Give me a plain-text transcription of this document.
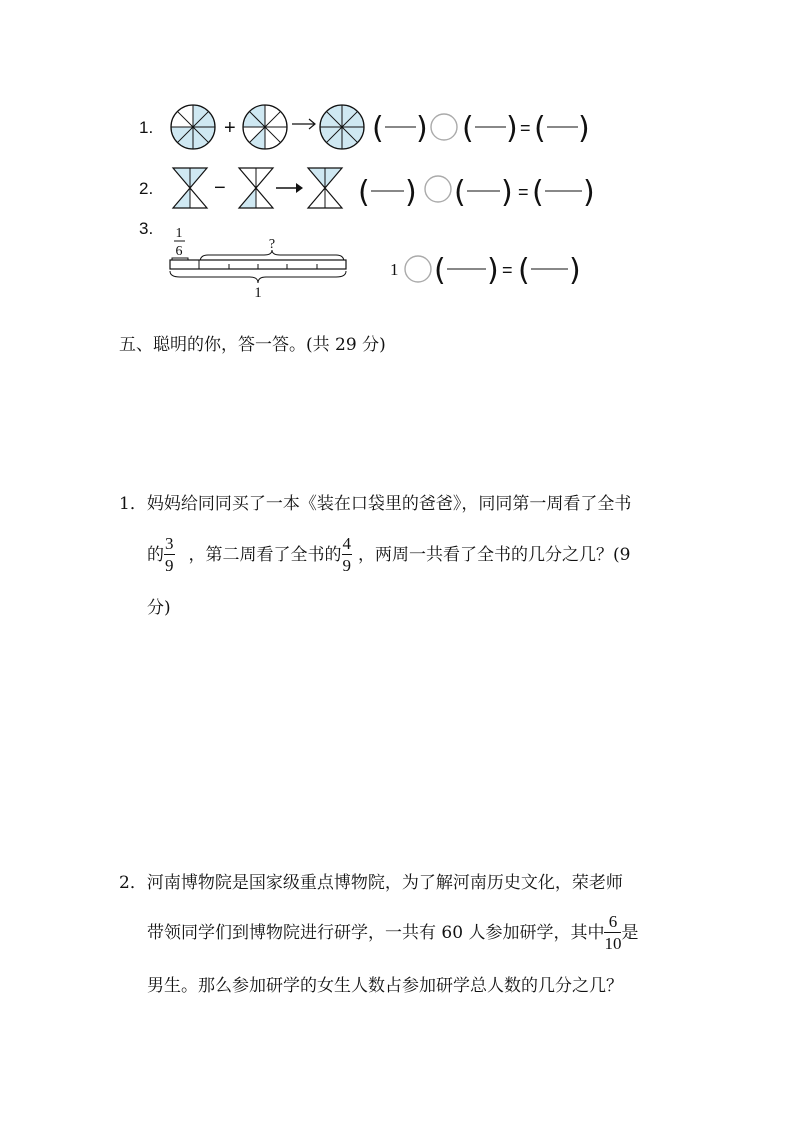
1.	+	( ) ( ) = ( )
2.	−	( ) ( ) = ( )
3. 1
6	?
1
1 ( ) = ( )
五、聪明的你，答一答。(共 29 分)
1．妈妈给同同买了一本《装在口袋里的爸爸》，同同第一周看了全书
的 $\frac{3}{9}$ ，第二周看了全书的 $\frac{4}{9}$ ，两周一共看了全书的几分之几？(9
分)
2．河南博物院是国家级重点博物院，为了解河南历史文化，荣老师
带领同学们到博物院进行研学，一共有 60 人参加研学，其中 $\frac{6}{10}$ 是
男生。那么参加研学的女生人数占参加研学总人数的几分之几？
